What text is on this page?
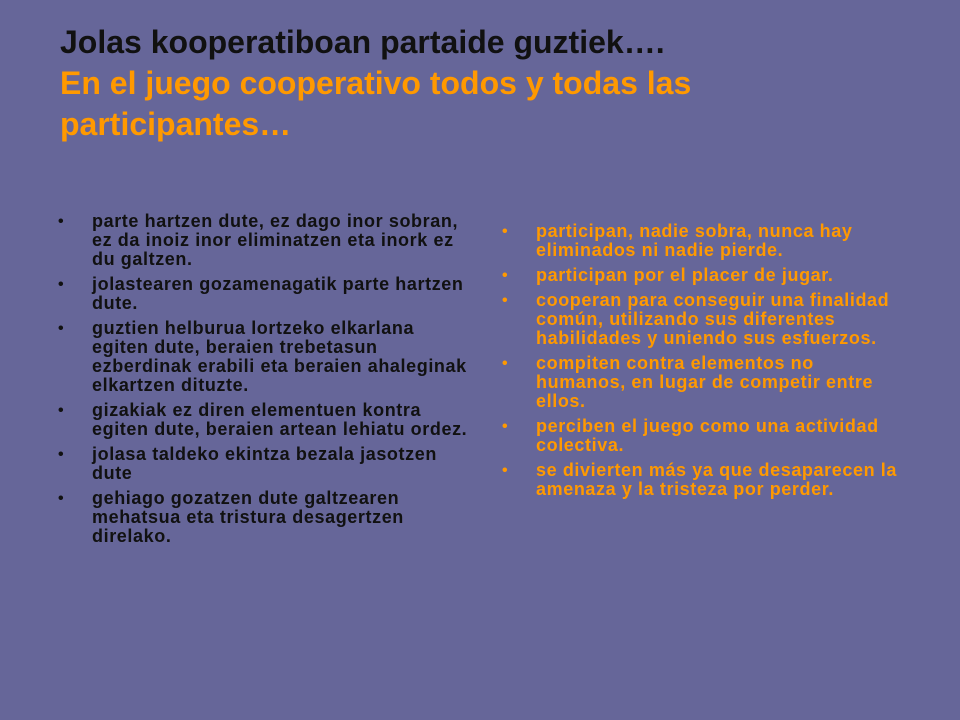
Jolas kooperatiboan partaide guztiek….
En el juego cooperativo todos y todas las participantes…
• parte hartzen dute, ez dago inor sobran, ez da inoiz inor eliminatzen eta inork ez du galtzen.
• jolastearen gozamenagatik parte hartzen dute.
• guztien helburua lortzeko elkarlana egiten dute, beraien trebetasun ezberdinak erabili eta beraien ahaleginak elkartzen dituzte.
• gizakiak ez diren elementuen kontra egiten dute, beraien artean lehiatu ordez.
• jolasa taldeko ekintza bezala jasotzen dute
• gehiago gozatzen dute galtzearen mehatsua eta tristura desagertzen direlako.
• participan, nadie sobra, nunca hay eliminados ni nadie pierde.
• participan por el placer de jugar.
• cooperan para conseguir una finalidad común, utilizando sus diferentes habilidades y uniendo sus esfuerzos.
• compiten contra elementos no humanos, en lugar de competir entre ellos.
• perciben el juego como una actividad colectiva.
• se divierten más ya que desaparecen la amenaza y la tristeza por perder.
